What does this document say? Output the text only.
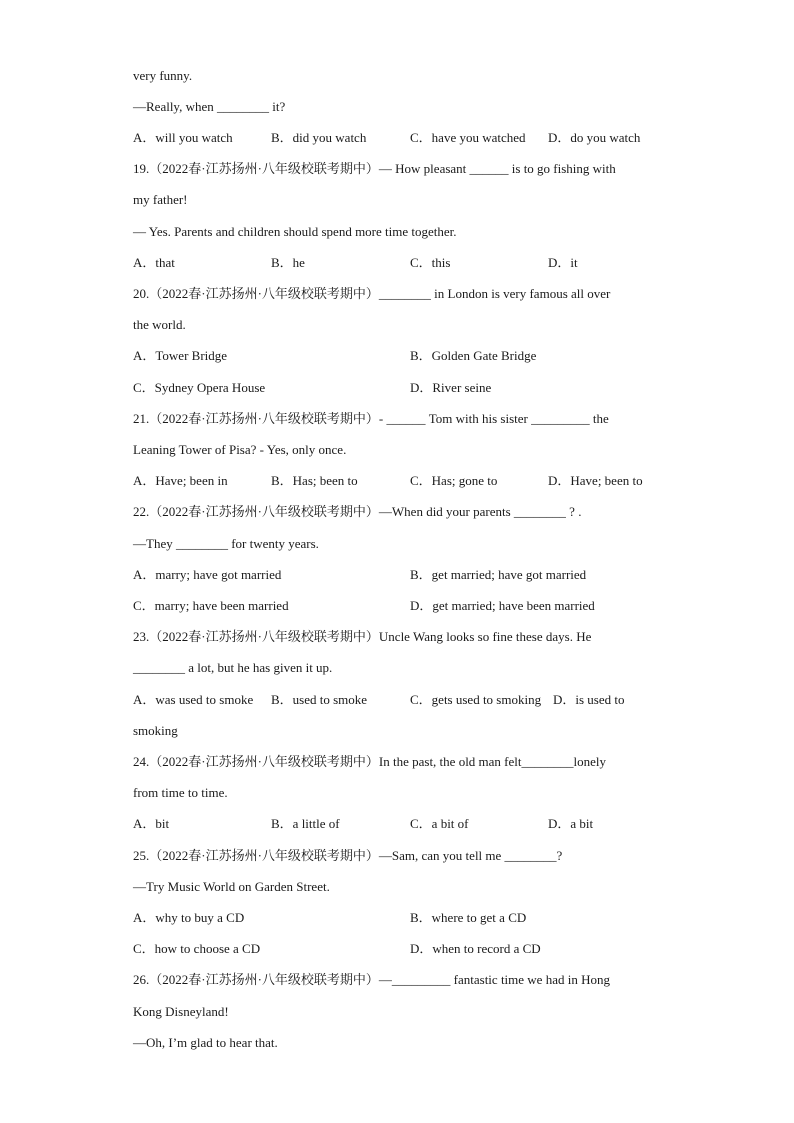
very funny.
—Really, when ________ it?
A．will you watch	B．did you watch	C．have you watched D．do you watch
19.（2022春·江苏扬州·八年级校联考期中）— How pleasant ______ is to go fishing with
my father!
— Yes. Parents and children should spend more time together.
A．that	B．he	C．this	D．it
20.（2022春·江苏扬州·八年级校联考期中）________ in London is very famous all over
the world.
A．Tower Bridge	B．Golden Gate Bridge
C．Sydney Opera House	D．River seine
21.（2022春·江苏扬州·八年级校联考期中）- ______ Tom with his sister _________ the
Leaning Tower of Pisa? - Yes, only once.
A．Have; been in	B．Has; been to	C．Has; gone to	D．Have; been to
22.（2022春·江苏扬州·八年级校联考期中）—When did your parents ________ ? .
—They ________ for twenty years.
A．marry; have got married	B．get married; have got married
C．marry; have been married	D．get married; have been married
23.（2022春·江苏扬州·八年级校联考期中）Uncle Wang looks so fine these days. He
________ a lot, but he has given it up.
A．was used to smoke B．used to smoke	C．gets used to smoking D．is used to
smoking
24.（2022春·江苏扬州·八年级校联考期中）In the past, the old man felt________lonely
from time to time.
A．bit	B．a little of	C．a bit of	D．a bit
25.（2022春·江苏扬州·八年级校联考期中）—Sam, can you tell me ________?
—Try Music World on Garden Street.
A．why to buy a CD	B．where to get a CD
C．how to choose a CD	D．when to record a CD
26.（2022春·江苏扬州·八年级校联考期中）—_________ fantastic time we had in Hong
Kong Disneyland!
—Oh, I’m glad to hear that.
